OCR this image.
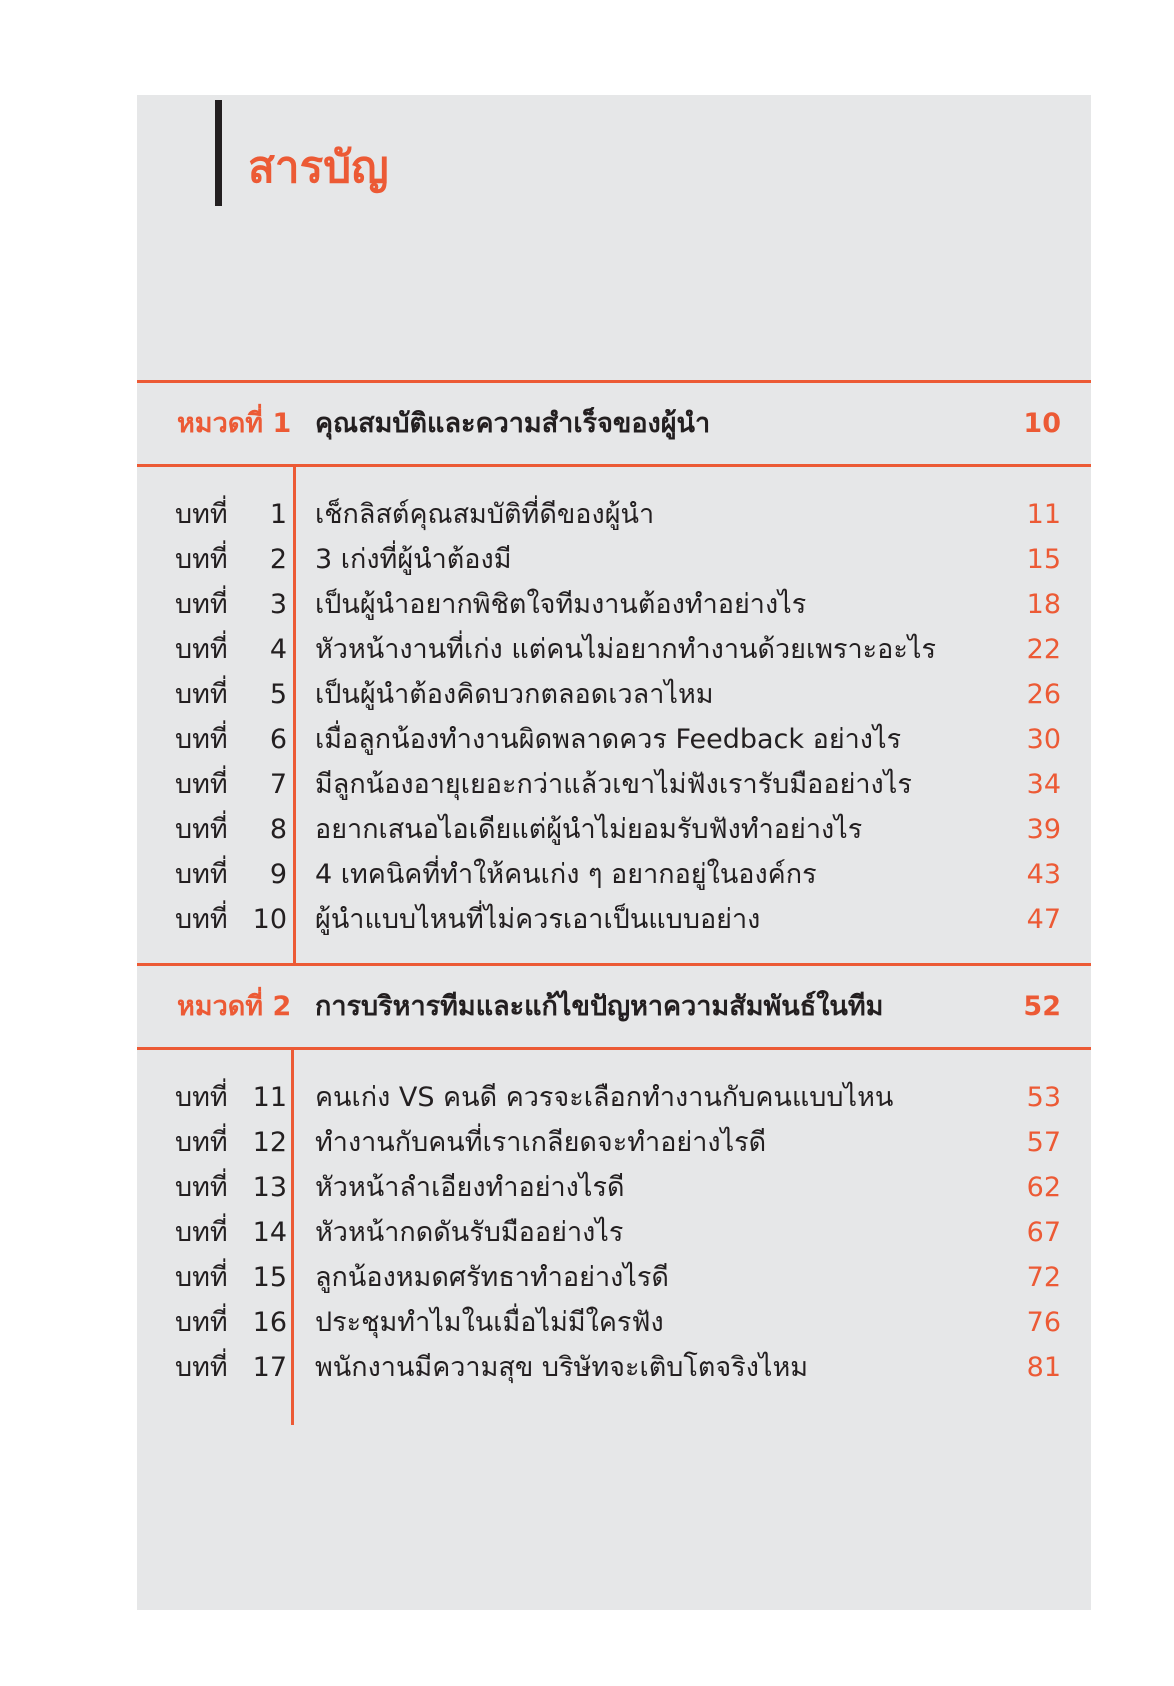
สารบัญ
หมวดที่ 1 คุณสมบัติและความสำเร็จของผู้นำ	10
บทที่ 1 เช็กลิสต์คุณสมบัติที่ดีของผู้นำ	11
บทที่ 2 3 เก่งที่ผู้นำต้องมี	15
บทที่ 3 เป็นผู้นำอยากพิชิตใจทีมงานต้องทำอย่างไร	18
บทที่ 4 หัวหน้างานที่เก่ง แต่คนไม่อยากทำงานด้วยเพราะอะไร	22
บทที่ 5 เป็นผู้นำต้องคิดบวกตลอดเวลาไหม	26
บทที่ 6 เมื่อลูกน้องทำงานผิดพลาดควร Feedback อย่างไร	30
บทที่ 7 มีลูกน้องอายุเยอะกว่าแล้วเขาไม่ฟังเรารับมืออย่างไร	34
บทที่ 8 อยากเสนอไอเดียแต่ผู้นำไม่ยอมรับฟังทำอย่างไร	39
บทที่ 9 4 เทคนิคที่ทำให้คนเก่ง ๆ อยากอยู่ในองค์กร	43
บทที่ 10 ผู้นำแบบไหนที่ไม่ควรเอาเป็นแบบอย่าง	47
หมวดที่ 2 การบริหารทีมและแก้ไขปัญหาความสัมพันธ์ในทีม	52
บทที่ 11 คนเก่ง VS คนดี ควรจะเลือกทำงานกับคนแบบไหน	53
บทที่ 12 ทำงานกับคนที่เราเกลียดจะทำอย่างไรดี	57
บทที่ 13 หัวหน้าลำเอียงทำอย่างไรดี	62
บทที่ 14 หัวหน้ากดดันรับมืออย่างไร	67
บทที่ 15 ลูกน้องหมดศรัทธาทำอย่างไรดี	72
บทที่ 16 ประชุมทำไมในเมื่อไม่มีใครฟัง	76
บทที่ 17 พนักงานมีความสุข บริษัทจะเติบโตจริงไหม	81
